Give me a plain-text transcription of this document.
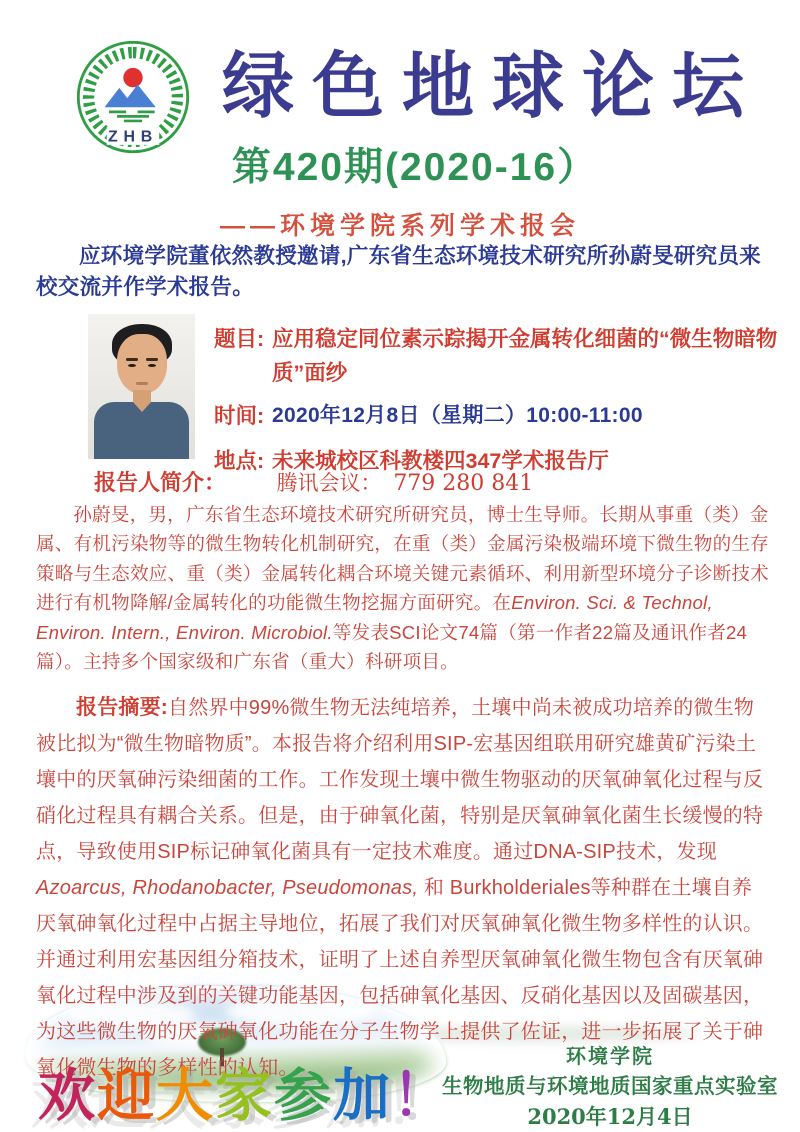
ZHB
绿色地球论坛
第420期(2020-16）
——环境学院系列学术报会

应环境学院董依然教授邀请,广东省生态环境技术研究所孙蔚旻研究员来校交流并作学术报告。

题目: 应用稳定同位素示踪揭开金属转化细菌的“微生物暗物质”面纱
时间: 2020年12月8日（星期二）10:00-11:00
地点: 未来城校区科教楼四347学术报告厅
报告人简介： 腾讯会议： 779 280 841

孙蔚旻，男，广东省生态环境技术研究所研究员，博士生导师。长期从事重（类）金属、有机污染物等的微生物转化机制研究，在重（类）金属污染极端环境下微生物的生存策略与生态效应、重（类）金属转化耦合环境关键元素循环、利用新型环境分子诊断技术进行有机物降解/金属转化的功能微生物挖掘方面研究。在Environ. Sci. & Technol, Environ. Intern., Environ. Microbiol.等发表SCI论文74篇（第一作者22篇及通讯作者24篇）。主持多个国家级和广东省（重大）科研项目。

报告摘要:自然界中99%微生物无法纯培养，土壤中尚未被成功培养的微生物被比拟为“微生物暗物质”。本报告将介绍利用SIP-宏基因组联用研究雄黄矿污染土壤中的厌氧砷污染细菌的工作。工作发现土壤中微生物驱动的厌氧砷氧化过程与反硝化过程具有耦合关系。但是，由于砷氧化菌，特别是厌氧砷氧化菌生长缓慢的特点，导致使用SIP标记砷氧化菌具有一定技术难度。通过DNA-SIP技术，发现Azoarcus, Rhodanobacter, Pseudomonas, 和 Burkholderiales等种群在土壤自养厌氧砷氧化过程中占据主导地位，拓展了我们对厌氧砷氧化微生物多样性的认识。并通过利用宏基因组分箱技术，证明了上述自养型厌氧砷氧化微生物包含有厌氧砷氧化过程中涉及到的关键功能基因，包括砷氧化基因、反硝化基因以及固碳基因，为这些微生物的厌氧砷氧化功能在分子生物学上提供了佐证，进一步拓展了关于砷氧化微生物的多样性的认知。

欢迎大家参加！
环境学院
生物地质与环境地质国家重点实验室
2020年12月4日
